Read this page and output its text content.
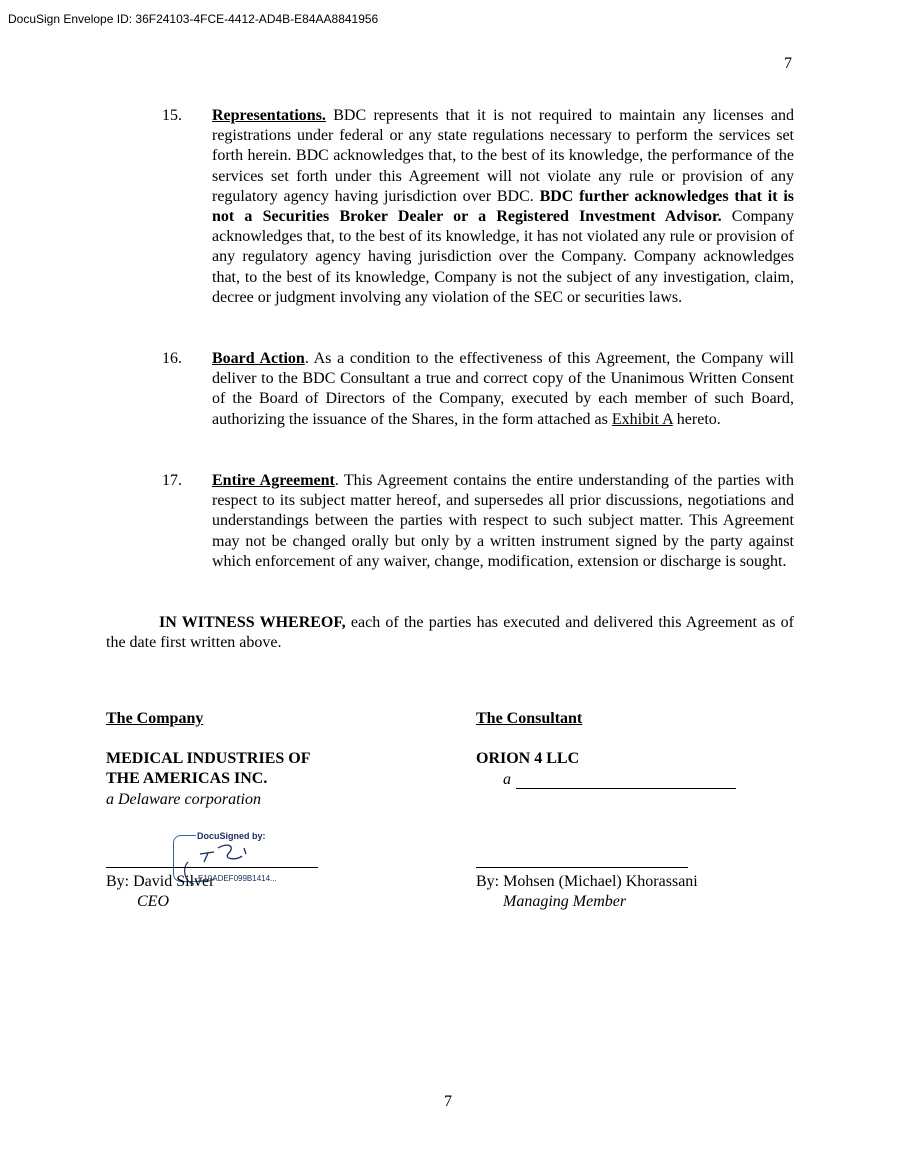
DocuSign Envelope ID: 36F24103-4FCE-4412-AD4B-E84AA8841956
7
15. Representations. BDC represents that it is not required to maintain any licenses and registrations under federal or any state regulations necessary to perform the services set forth herein. BDC acknowledges that, to the best of its knowledge, the performance of the services set forth under this Agreement will not violate any rule or provision of any regulatory agency having jurisdiction over BDC. BDC further acknowledges that it is not a Securities Broker Dealer or a Registered Investment Advisor. Company acknowledges that, to the best of its knowledge, it has not violated any rule or provision of any regulatory agency having jurisdiction over the Company. Company acknowledges that, to the best of its knowledge, Company is not the subject of any investigation, claim, decree or judgment involving any violation of the SEC or securities laws.
16. Board Action. As a condition to the effectiveness of this Agreement, the Company will deliver to the BDC Consultant a true and correct copy of the Unanimous Written Consent of the Board of Directors of the Company, executed by each member of such Board, authorizing the issuance of the Shares, in the form attached as Exhibit A hereto.
17. Entire Agreement. This Agreement contains the entire understanding of the parties with respect to its subject matter hereof, and supersedes all prior discussions, negotiations and understandings between the parties with respect to such subject matter. This Agreement may not be changed orally but only by a written instrument signed by the party against which enforcement of any waiver, change, modification, extension or discharge is sought.
IN WITNESS WHEREOF, each of the parties has executed and delivered this Agreement as of the date first written above.
The Company
MEDICAL INDUSTRIES OF
THE AMERICAS INC.
a Delaware corporation
DocuSigned by:
By: David Silver
E10ADEF099B1414...
CEO
The Consultant
ORION 4 LLC
a
By: Mohsen (Michael) Khorassani
Managing Member
7
